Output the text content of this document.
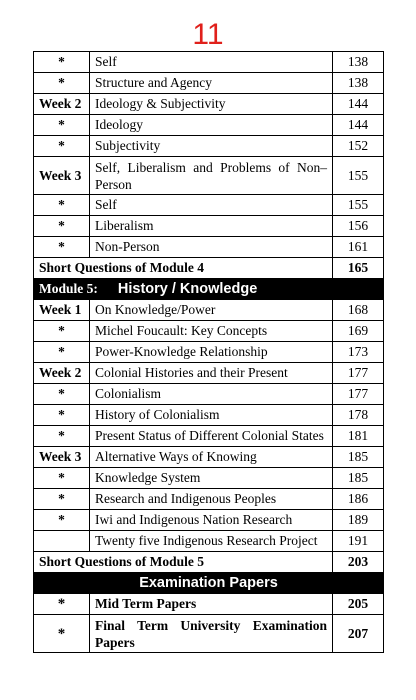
11
*	Self	138
*	Structure and Agency	138
Week 2	Ideology & Subjectivity	144
*	Ideology	144
*	Subjectivity	152
Week 3	Self, Liberalism and Problems of Non–Person	155
*	Self	155
*	Liberalism	156
*	Non-Person	161
Short Questions of Module 4		165
Module 5: History / Knowledge		
Week 1	On Knowledge/Power	168
*	Michel Foucault: Key Concepts	169
*	Power-Knowledge Relationship	173
Week 2	Colonial Histories and their Present	177
*	Colonialism	177
*	History of Colonialism	178
*	Present Status of Different Colonial States	181
Week 3	Alternative Ways of Knowing	185
*	Knowledge System	185
*	Research and Indigenous Peoples	186
*	Iwi and Indigenous Nation Research	189
	Twenty five Indigenous Research Project	191
Short Questions of Module 5		203
Examination Papers		
*	Mid Term Papers	205
*	Final Term University Examination Papers	207
